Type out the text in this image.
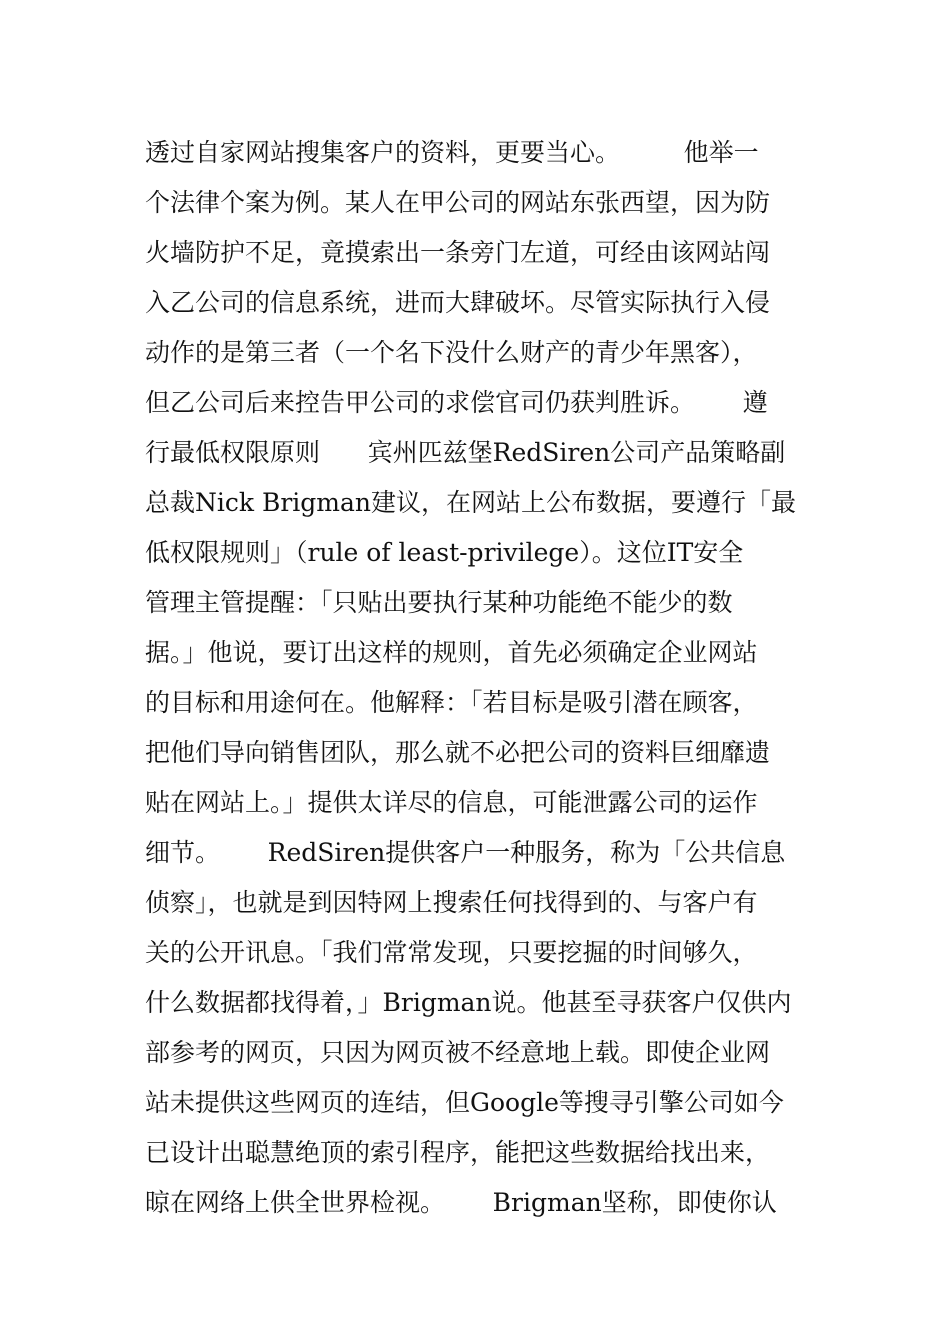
透过自家网站搜集客户的资料，更要当心。        他举一
个法律个案为例。某人在甲公司的网站东张西望，因为防
火墙防护不足，竟摸索出一条旁门左道，可经由该网站闯
入乙公司的信息系统，进而大肆破坏。尽管实际执行入侵
动作的是第三者（一个名下没什么财产的青少年黑客），
但乙公司后来控告甲公司的求偿官司仍获判胜诉。      遵
行最低权限原则      宾州匹兹堡RedSiren公司产品策略副
总裁Nick Brigman建议，在网站上公布数据，要遵行「最
低权限规则」（rule of least-privilege）。这位IT安全
管理主管提醒：「只贴出要执行某种功能绝不能少的数
据。」他说，要订出这样的规则，首先必须确定企业网站
的目标和用途何在。他解释：「若目标是吸引潜在顾客，
把他们导向销售团队，那么就不必把公司的资料巨细靡遗
贴在网站上。」提供太详尽的信息，可能泄露公司的运作
细节。      RedSiren提供客户一种服务，称为「公共信息
侦察」，也就是到因特网上搜索任何找得到的、与客户有
关的公开讯息。「我们常常发现，只要挖掘的时间够久，
什么数据都找得着，」Brigman说。他甚至寻获客户仅供内
部参考的网页，只因为网页被不经意地上载。即使企业网
站未提供这些网页的连结，但Google等搜寻引擎公司如今
已设计出聪慧绝顶的索引程序，能把这些数据给找出来，
晾在网络上供全世界检视。      Brigman坚称，即使你认
